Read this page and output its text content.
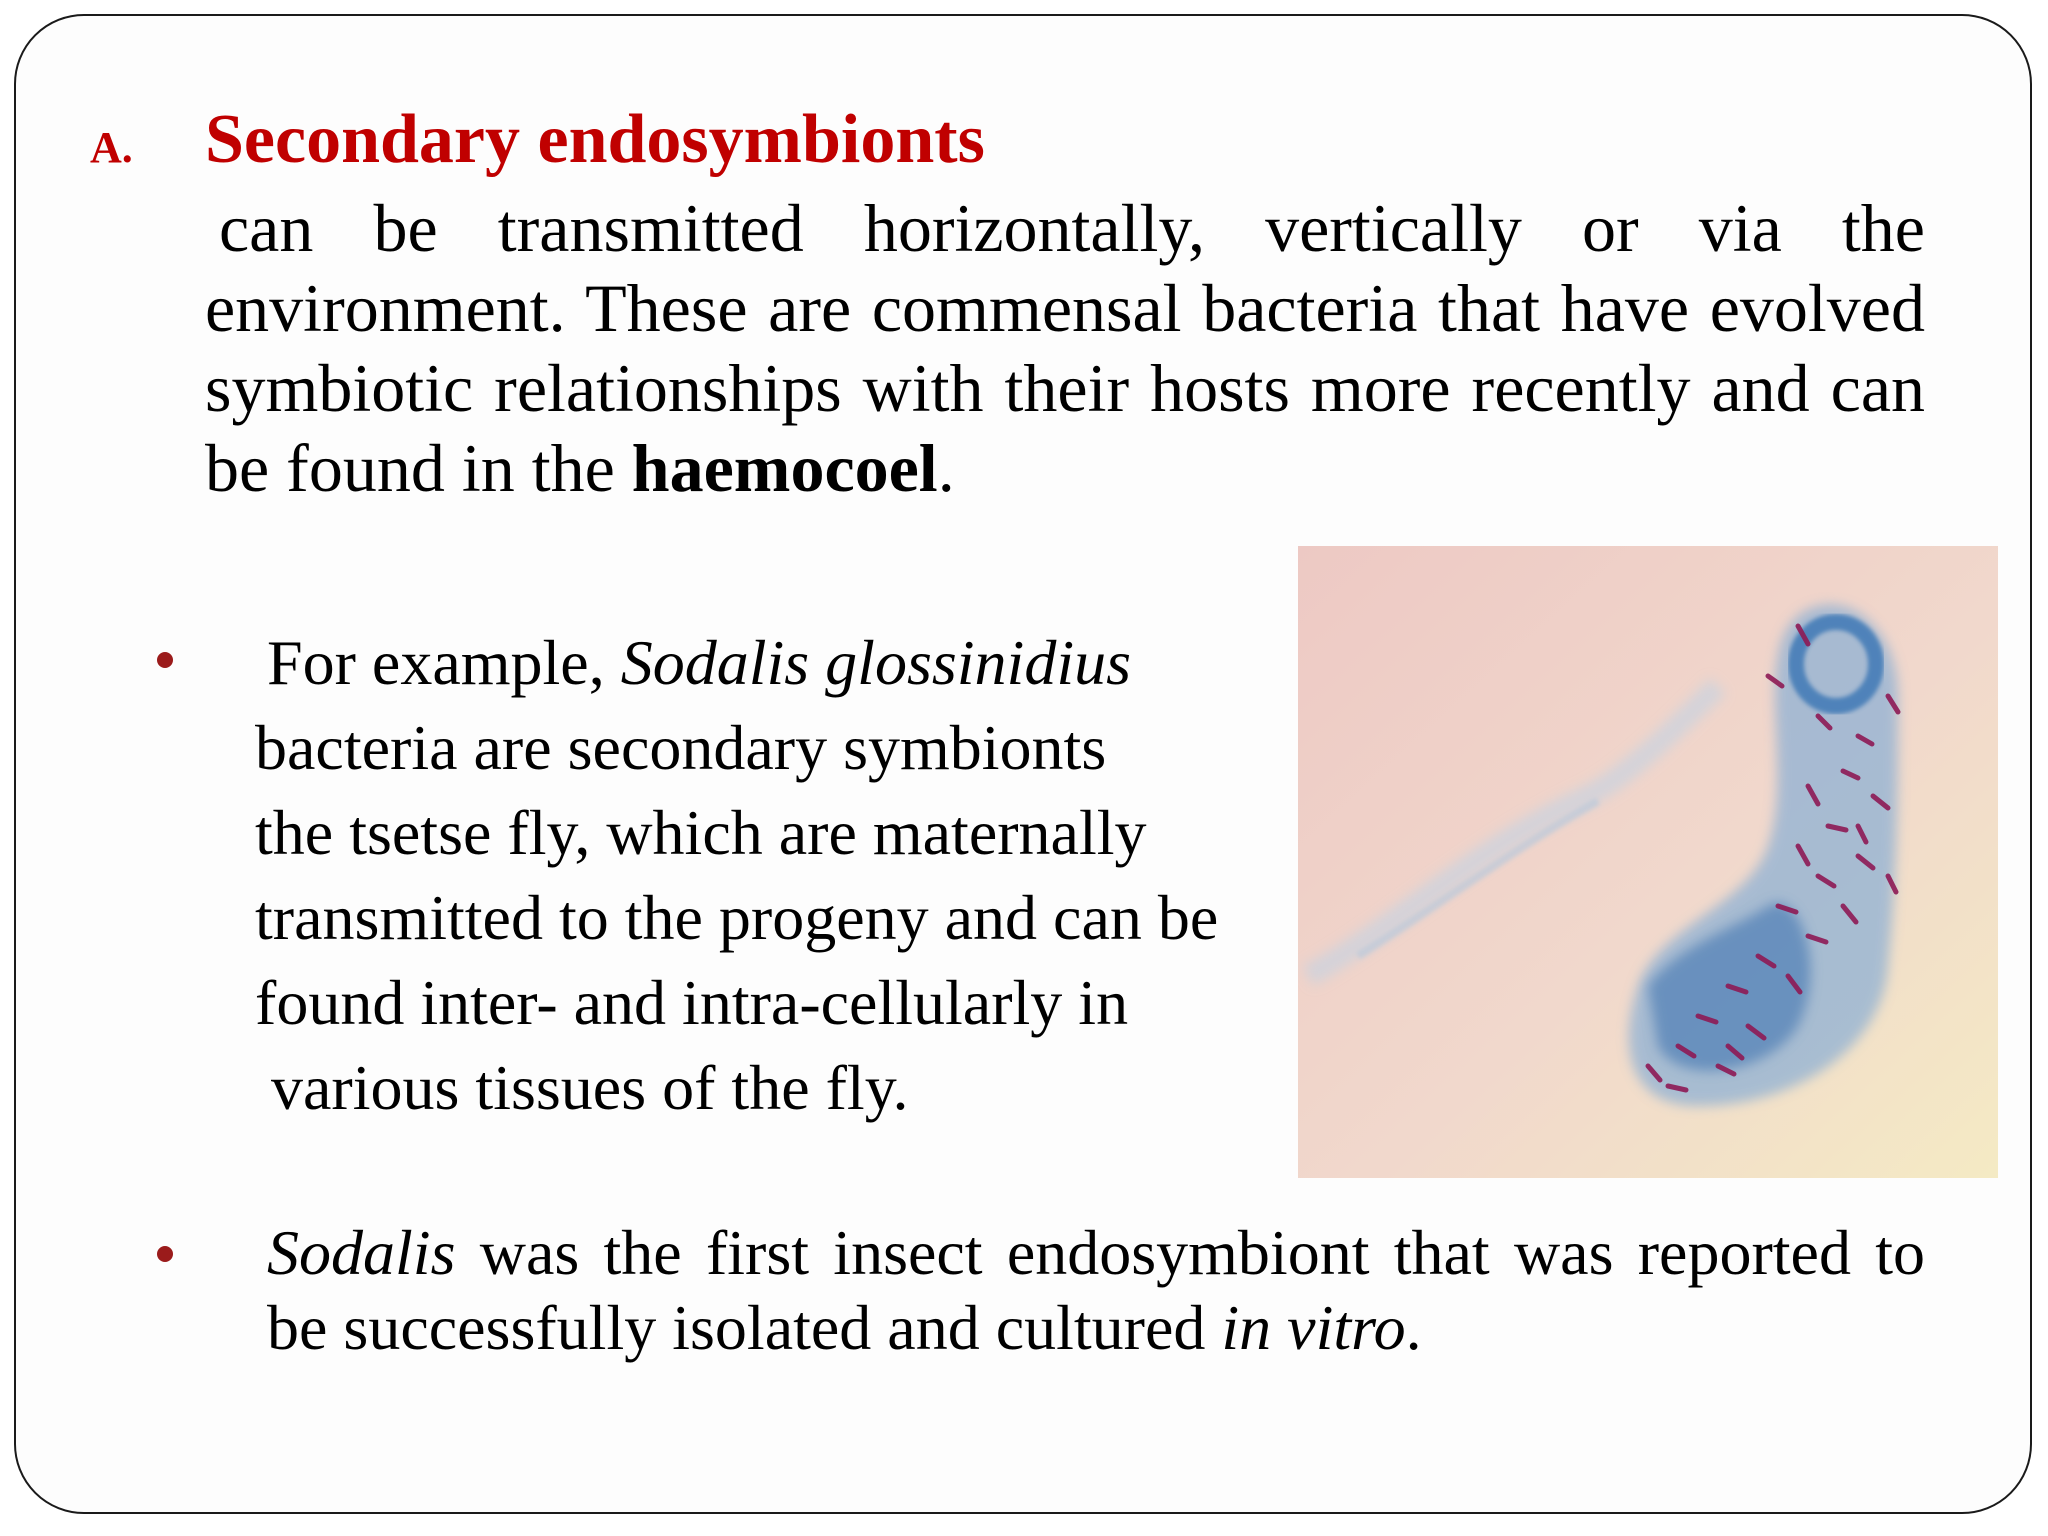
A.	Secondary endosymbionts
can be transmitted horizontally, vertically or via the environment. These are commensal bacteria that have evolved symbiotic relationships with their hosts more recently and can be found in the haemocoel.
For example, Sodalis glossinidius
bacteria are secondary symbionts
the tsetse fly, which are maternally
transmitted to the progeny and can be
found inter- and intra-cellularly in
various tissues of the fly.
Sodalis was the first insect endosymbiont that was reported to be successfully isolated and cultured in vitro.
